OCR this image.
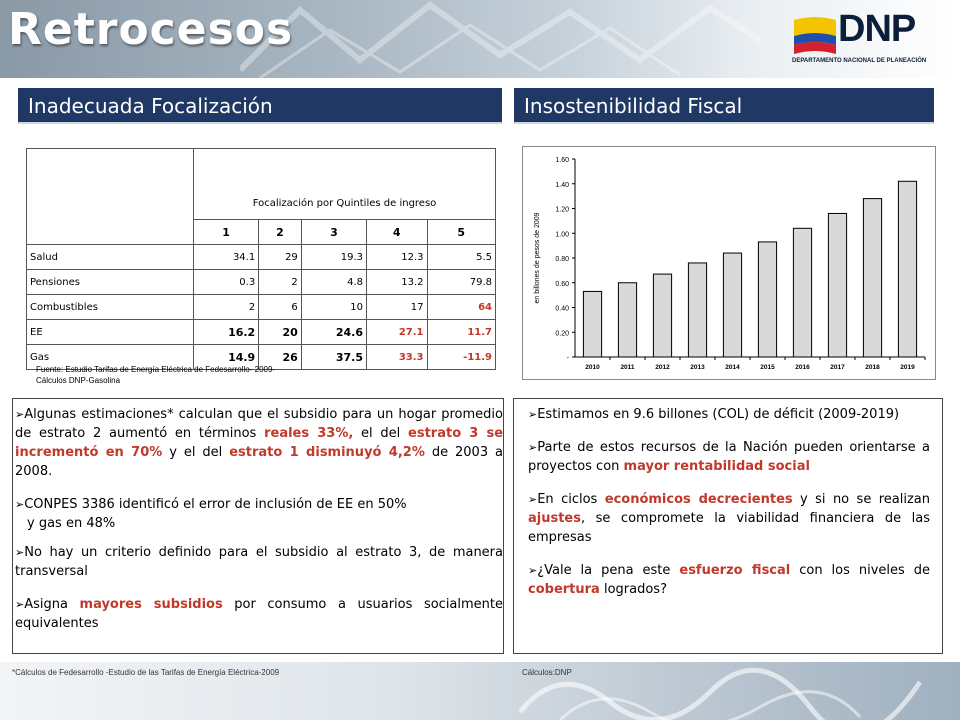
Retrocesos	DNP
DEPARTAMENTO NACIONAL DE PLANEACIÓN
Inadecuada Focalización	Insostenibilidad Fiscal
	Focalización por Quintiles de ingreso				
	1	2	3	4	5
Salud	34.1	29	19.3	12.3	5.5
Pensiones	0.3	2	4.8	13.2	79.8
Combustibles	2	6	10	17	64
EE	16.2	20	24.6	27.1	11.7
Gas	14.9	26	37.5	33.3	-11.9
Fuente: Estudio Tarifas de Energía Eléctrica de Fedesarrollo- 2009-
Cálculos DNP-Gasolina
-
0.20
0.40
0.60
0.80
1.00
1.20
1.40
1.60
en billones de pesos de 2009
2010	2011	2012	2013	2014	2015	2016	2017	2018	2019
➢Algunas estimaciones* calculan que el subsidio para un hogar promedio de estrato 2 aumentó en términos reales 33%, el del estrato 3 se incrementó en 70% y el del estrato 1 disminuyó 4,2% de 2003 a 2008.
➢CONPES 3386 identificó el error de inclusión de EE en 50%
y gas en 48%
➢No hay un criterio definido para el subsidio al estrato 3, de manera transversal
➢Asigna mayores subsidios por consumo a usuarios socialmente equivalentes
➢Estimamos en 9.6 billones (COL) de déficit (2009-2019)
➢Parte de estos recursos de la Nación pueden orientarse a proyectos con mayor rentabilidad social
➢En ciclos económicos decrecientes y si no se realizan ajustes, se compromete la viabilidad financiera de las empresas
➢¿Vale la pena este esfuerzo fiscal con los niveles de cobertura logrados?
*Cálculos de Fedesarrollo -Estudio de las Tarifas de Energía Eléctrica-2009	Cálculos:DNP
